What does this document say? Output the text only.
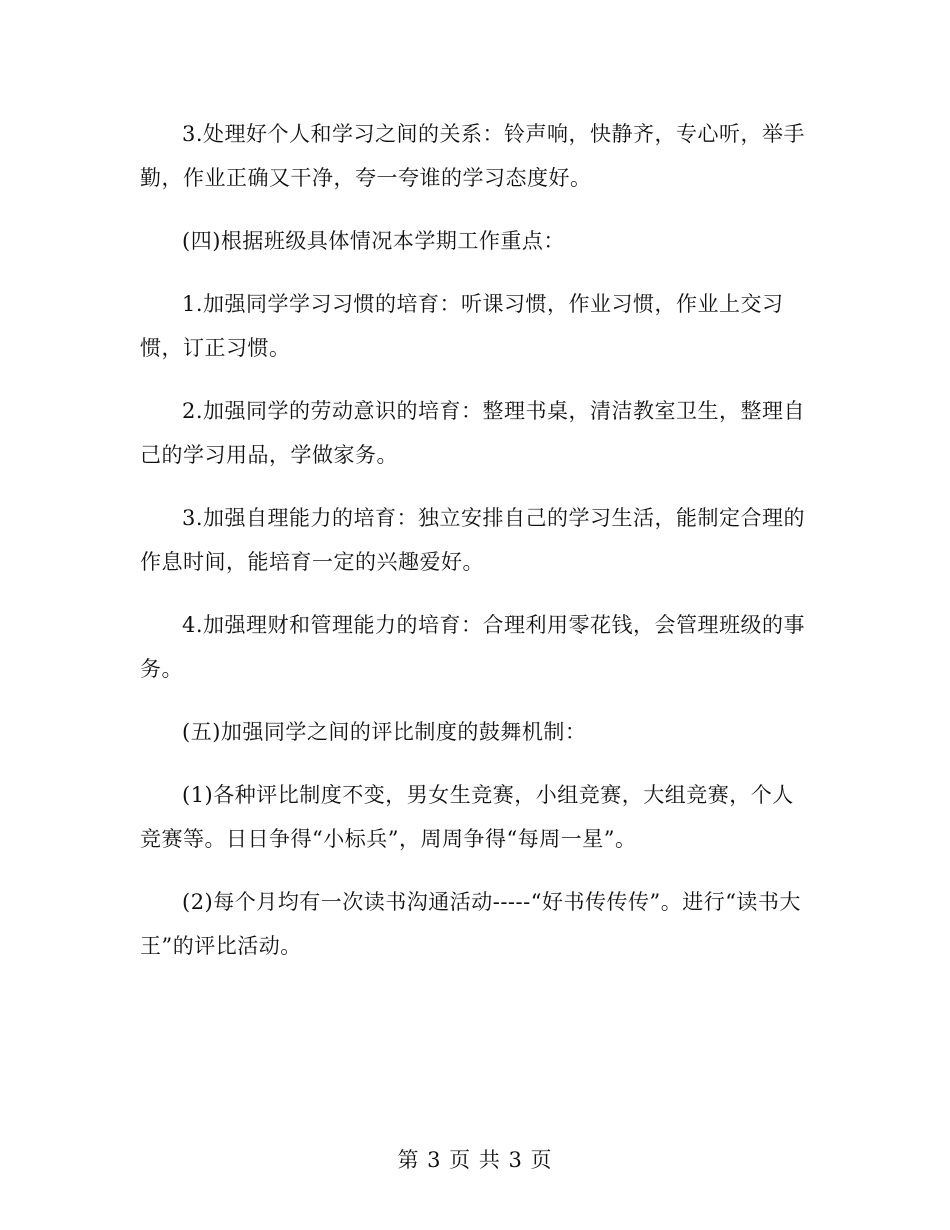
3.处理好个人和学习之间的关系：铃声响，快静齐，专心听，举手勤，作业正确又干净，夸一夸谁的学习态度好。

(四)根据班级具体情况本学期工作重点：

1.加强同学学习习惯的培育：听课习惯，作业习惯，作业上交习惯，订正习惯。

2.加强同学的劳动意识的培育：整理书桌，清洁教室卫生，整理自己的学习用品，学做家务。

3.加强自理能力的培育：独立安排自己的学习生活，能制定合理的作息时间，能培育一定的兴趣爱好。

4.加强理财和管理能力的培育：合理利用零花钱，会管理班级的事务。

(五)加强同学之间的评比制度的鼓舞机制：

(1)各种评比制度不变，男女生竞赛，小组竞赛，大组竞赛，个人竞赛等。日日争得“小标兵”，周周争得“每周一星”。

(2)每个月均有一次读书沟通活动-----“好书传传传”。进行“读书大王”的评比活动。

第 3 页 共 3 页
